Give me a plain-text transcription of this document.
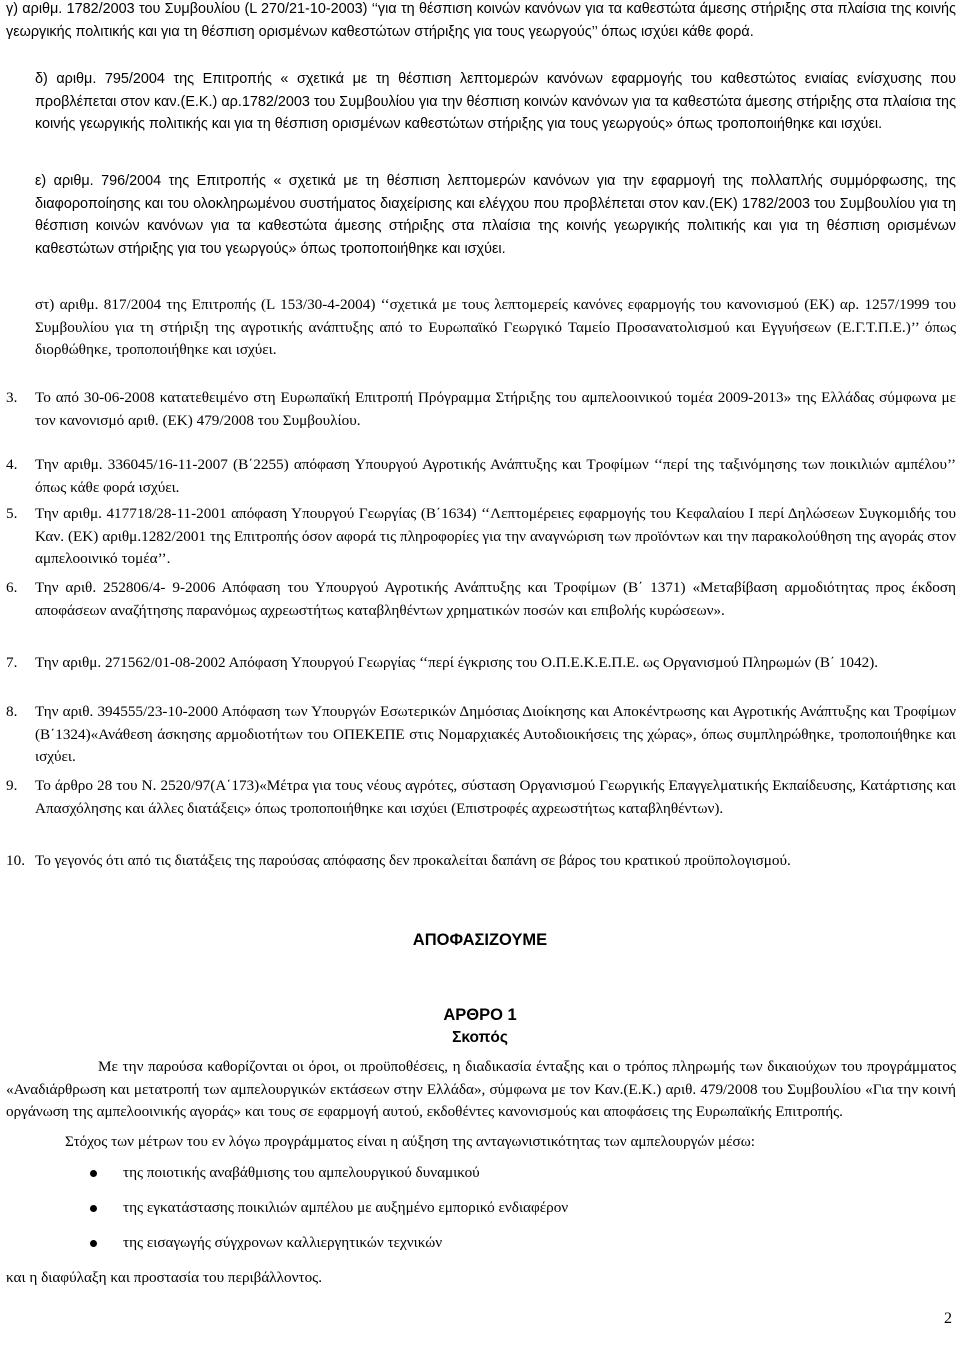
γ) αριθμ. 1782/2003 του Συμβουλίου (L 270/21-10-2003) ‘‘για τη θέσπιση κοινών κανόνων για τα καθεστώτα άμεσης στήριξης στα πλαίσια της κοινής γεωργικής πολιτικής και για τη θέσπιση ορισμένων καθεστώτων στήριξης για τους γεωργούς’’ όπως ισχύει κάθε φορά.

δ) αριθμ. 795/2004 της Επιτροπής « σχετικά με τη θέσπιση λεπτομερών κανόνων εφαρμογής του καθεστώτος ενιαίας ενίσχυσης που προβλέπεται στον καν.(Ε.Κ.) αρ.1782/2003 του Συμβουλίου για την θέσπιση κοινών κανόνων για τα καθεστώτα άμεσης στήριξης στα πλαίσια της κοινής γεωργικής πολιτικής και για τη θέσπιση ορισμένων καθεστώτων στήριξης για τους γεωργούς» όπως τροποποιήθηκε και ισχύει.

ε) αριθμ. 796/2004 της Επιτροπής « σχετικά με τη θέσπιση λεπτομερών κανόνων για την εφαρμογή της πολλαπλής συμμόρφωσης, της διαφοροποίησης και του ολοκληρωμένου συστήματος διαχείρισης και ελέγχου που προβλέπεται στον καν.(ΕΚ) 1782/2003 του Συμβουλίου για τη θέσπιση κοινών κανόνων για τα καθεστώτα άμεσης στήριξης στα πλαίσια της κοινής γεωργικής πολιτικής και για τη θέσπιση ορισμένων καθεστώτων στήριξης για του γεωργούς» όπως τροποποιήθηκε και ισχύει.

στ) αριθμ. 817/2004 της Επιτροπής (L 153/30-4-2004) ‘‘σχετικά με τους λεπτομερείς κανόνες εφαρμογής του κανονισμού (ΕΚ) αρ. 1257/1999 του Συμβουλίου για τη στήριξη της αγροτικής ανάπτυξης από το Ευρωπαϊκό Γεωργικό Ταμείο Προσανατολισμού και Εγγυήσεων (Ε.Γ.Τ.Π.Ε.)’’ όπως διορθώθηκε, τροποποιήθηκε και ισχύει.

3. Το από 30-06-2008 κατατεθειμένο στη Ευρωπαϊκή Επιτροπή Πρόγραμμα Στήριξης του αμπελοοινικού τομέα 2009-2013» της Ελλάδας σύμφωνα με τον κανονισμό αριθ. (ΕΚ) 479/2008 του Συμβουλίου.

4. Την αριθμ. 336045/16-11-2007 (Β΄2255) απόφαση Υπουργού Αγροτικής Ανάπτυξης και Τροφίμων ‘‘περί της ταξινόμησης των ποικιλιών αμπέλου’’ όπως κάθε φορά ισχύει.

5. Την αριθμ. 417718/28-11-2001 απόφαση Υπουργού Γεωργίας (Β΄1634) ‘‘Λεπτομέρειες εφαρμογής του Κεφαλαίου Ι περί Δηλώσεων Συγκομιδής του Καν. (ΕΚ) αριθμ.1282/2001 της Επιτροπής όσον αφορά τις πληροφορίες για την αναγνώριση των προϊόντων και την παρακολούθηση της αγοράς στον αμπελοοινικό τομέα’’.

6. Την αριθ. 252806/4- 9-2006 Απόφαση του Υπουργού Αγροτικής Ανάπτυξης και Τροφίμων (Β΄ 1371) «Μεταβίβαση αρμοδιότητας προς έκδοση αποφάσεων αναζήτησης παρανόμως αχρεωστήτως καταβληθέντων χρηματικών ποσών και επιβολής κυρώσεων».

7. Την αριθμ. 271562/01-08-2002 Απόφαση Υπουργού Γεωργίας ‘‘περί έγκρισης του Ο.Π.Ε.Κ.Ε.Π.Ε. ως Οργανισμού Πληρωμών (Β΄ 1042).

8. Την αριθ. 394555/23-10-2000 Απόφαση των Υπουργών Εσωτερικών Δημόσιας Διοίκησης και Αποκέντρωσης και Αγροτικής Ανάπτυξης και Τροφίμων (Β΄1324)«Ανάθεση άσκησης αρμοδιοτήτων του ΟΠΕΚΕΠΕ στις Νομαρχιακές Αυτοδιοικήσεις της χώρας», όπως συμπληρώθηκε, τροποποιήθηκε και ισχύει.

9. Το άρθρο 28 του Ν. 2520/97(Α΄173)«Μέτρα για τους νέους αγρότες, σύσταση Οργανισμού Γεωργικής Επαγγελματικής Εκπαίδευσης, Κατάρτισης και Απασχόλησης και άλλες διατάξεις» όπως τροποποιήθηκε και ισχύει (Επιστροφές αχρεωστήτως καταβληθέντων).

10. Το γεγονός ότι από τις διατάξεις της παρούσας απόφασης δεν προκαλείται δαπάνη σε βάρος του κρατικού προϋπολογισμού.

ΑΠΟΦΑΣΙΖΟΥΜΕ

ΑΡΘΡΟ 1

Σκοπός

Με την παρούσα καθορίζονται οι όροι, οι προϋποθέσεις, η διαδικασία ένταξης και ο τρόπος πληρωμής των δικαιούχων του προγράμματος «Αναδιάρθρωση και μετατροπή των αμπελουργικών εκτάσεων στην Ελλάδα», σύμφωνα με τον Καν.(Ε.Κ.) αριθ. 479/2008 του Συμβουλίου «Για την κοινή οργάνωση της αμπελοοινικής αγοράς» και τους σε εφαρμογή αυτού, εκδοθέντες κανονισμούς και αποφάσεις της Ευρωπαϊκής Επιτροπής.

Στόχος των μέτρων του εν λόγω προγράμματος είναι η αύξηση της ανταγωνιστικότητας των αμπελουργών μέσω:

της ποιοτικής αναβάθμισης του αμπελουργικού δυναμικού

της εγκατάστασης ποικιλιών αμπέλου με αυξημένο εμπορικό ενδιαφέρον

της εισαγωγής σύγχρονων καλλιεργητικών τεχνικών

και η διαφύλαξη και προστασία του περιβάλλοντος.

2
